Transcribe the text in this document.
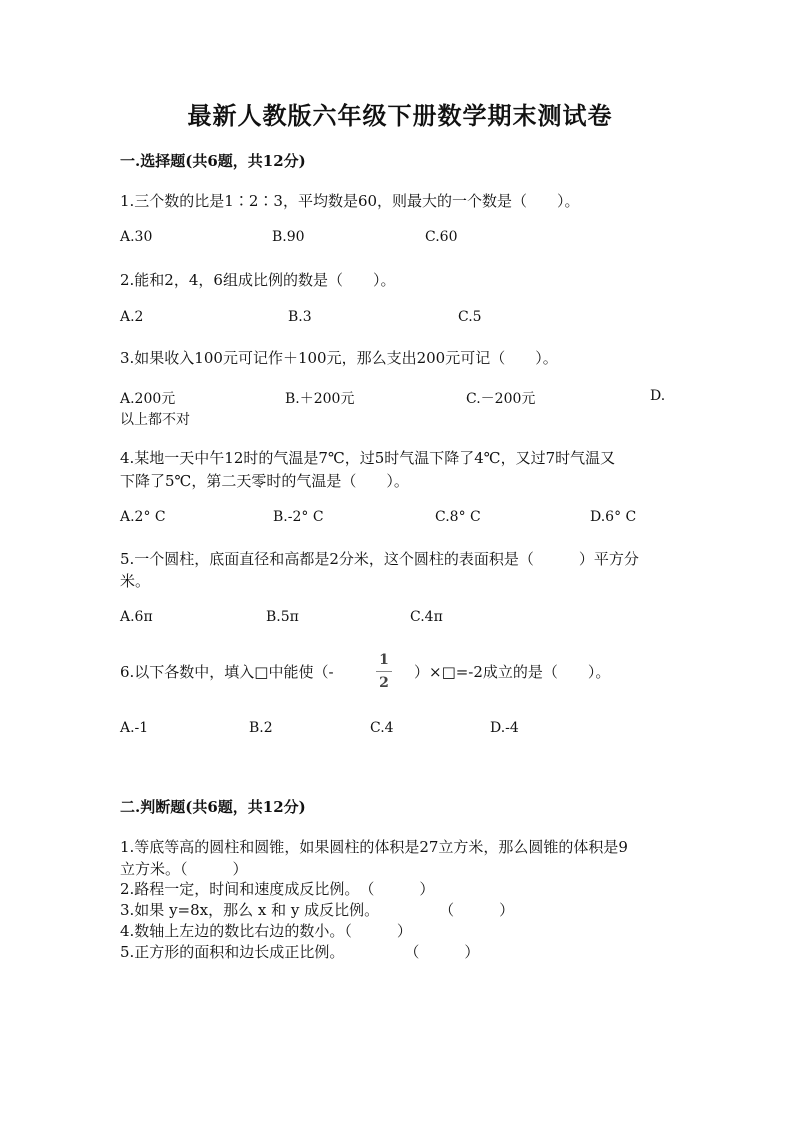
最新人教版六年级下册数学期末测试卷
一.选择题(共6题，共12分)
1.三个数的比是1∶2∶3，平均数是60，则最大的一个数是（　　）。
A.30	B.90	C.60
2.能和2，4，6组成比例的数是（　　）。
A.2	B.3	C.5
3.如果收入100元可记作＋100元，那么支出200元可记（　　）。
A.200元	B.＋200元	C.－200元	D.
以上都不对
4.某地一天中午12时的气温是7℃，过5时气温下降了4℃，又过7时气温又
下降了5℃，第二天零时的气温是（　　）。
A.2° C	B.-2° C	C.8° C	D.6° C
5.一个圆柱，底面直径和高都是2分米，这个圆柱的表面积是（　　　）平方分
米。
A.6π	B.5π	C.4π
6.以下各数中，填入□中能使（-
1
2
）×□=-2成立的是（　　）。
A.-1	B.2	C.4	D.-4
二.判断题(共6题，共12分)
1.等底等高的圆柱和圆锥，如果圆柱的体积是27立方米，那么圆锥的体积是9
立方米。（　　　）
2.路程一定，时间和速度成反比例。　（　　　）
3.如果 y=8x，那么 x 和 y 成反比例。　　　　　（　　　）
4.数轴上左边的数比右边的数小。（　　　）
5.正方形的面积和边长成正比例。　　　　　（　　　）
